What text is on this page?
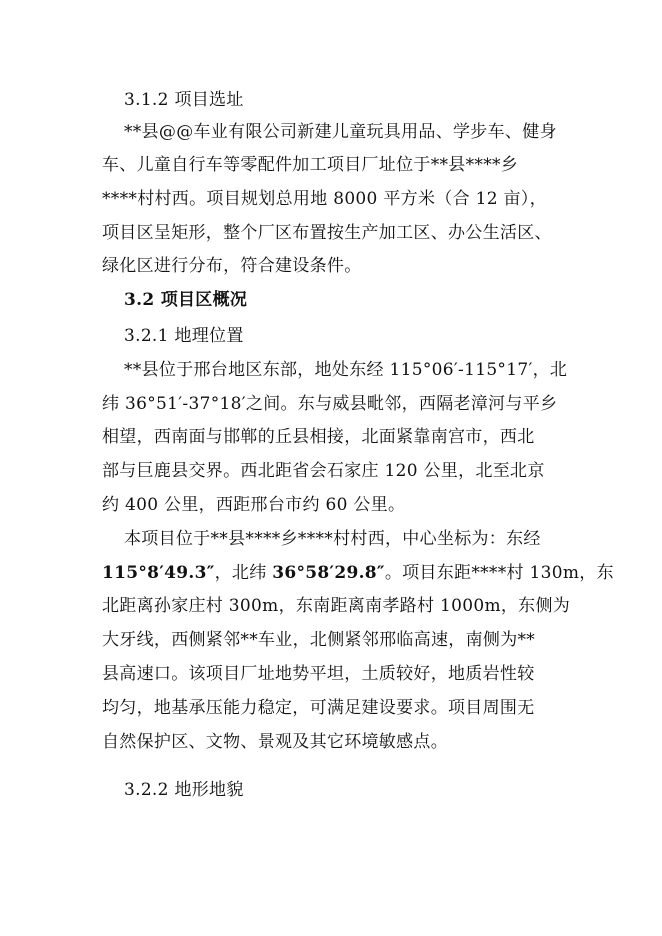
3.1.2 项目选址
**县@@车业有限公司新建儿童玩具用品、学步车、健身
车、儿童自行车等零配件加工项目厂址位于**县****乡
****村村西。项目规划总用地 8000 平方米（合 12 亩），
项目区呈矩形，整个厂区布置按生产加工区、办公生活区、
绿化区进行分布，符合建设条件。
3.2 项目区概况
3.2.1 地理位置
**县位于邢台地区东部，地处东经 115°06′-115°17′，北
纬 36°51′-37°18′之间。东与威县毗邻，西隔老漳河与平乡
相望，西南面与邯郸的丘县相接，北面紧靠南宫市，西北
部与巨鹿县交界。西北距省会石家庄 120 公里，北至北京
约 400 公里，西距邢台市约 60 公里。
本项目位于**县****乡****村村西，中心坐标为：东经
115°8′49.3″，北纬 36°58′29.8″。项目东距****村 130m，东
北距离孙家庄村 300m，东南距离南孝路村 1000m，东侧为
大牙线，西侧紧邻**车业，北侧紧邻邢临高速，南侧为**
县高速口。该项目厂址地势平坦，土质较好，地质岩性较
均匀，地基承压能力稳定，可满足建设要求。项目周围无
自然保护区、文物、景观及其它环境敏感点。
3.2.2 地形地貌
